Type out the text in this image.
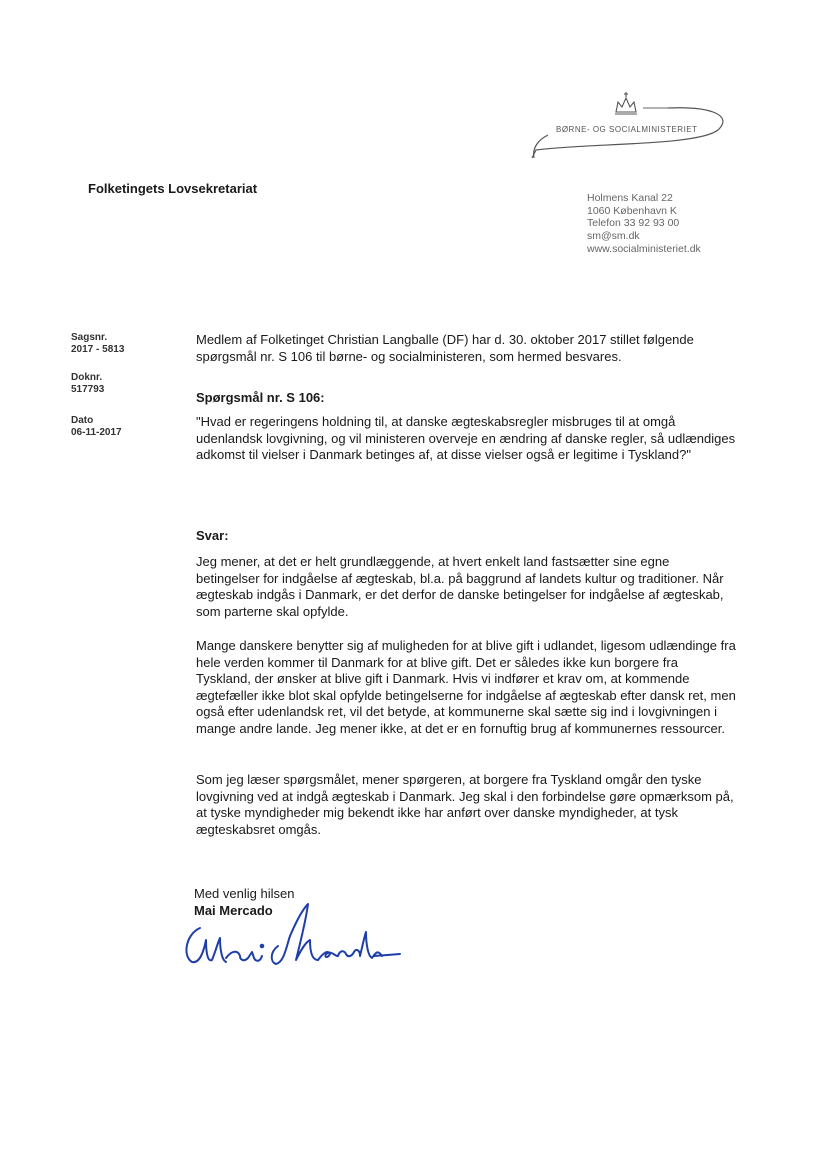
BØRNE- OG SOCIALMINISTERIET
Folketingets Lovsekretariat
Holmens Kanal 22
1060 København K
Telefon 33 92 93 00
sm@sm.dk
www.socialministeriet.dk
Sagsnr.
2017 - 5813
Doknr.
517793
Dato
06-11-2017
Medlem af Folketinget Christian Langballe (DF) har d. 30. oktober 2017 stillet følgende spørgsmål nr. S 106 til børne- og socialministeren, som hermed besvares.
Spørgsmål nr. S 106:
"Hvad er regeringens holdning til, at danske ægteskabsregler misbruges til at omgå udenlandsk lovgivning, og vil ministeren overveje en ændring af danske regler, så udlændiges adkomst til vielser i Danmark betinges af, at disse vielser også er legitime i Tyskland?"
Svar:
Jeg mener, at det er helt grundlæggende, at hvert enkelt land fastsætter sine egne betingelser for indgåelse af ægteskab, bl.a. på baggrund af landets kultur og traditioner. Når ægteskab indgås i Danmark, er det derfor de danske betingelser for indgåelse af ægteskab, som parterne skal opfylde.
Mange danskere benytter sig af muligheden for at blive gift i udlandet, ligesom udlændinge fra hele verden kommer til Danmark for at blive gift. Det er således ikke kun borgere fra Tyskland, der ønsker at blive gift i Danmark. Hvis vi indfører et krav om, at kommende ægtefæller ikke blot skal opfylde betingelserne for indgåelse af ægteskab efter dansk ret, men også efter udenlandsk ret, vil det betyde, at kommunerne skal sætte sig ind i lovgivningen i mange andre lande. Jeg mener ikke, at det er en fornuftig brug af kommunernes ressourcer.
Som jeg læser spørgsmålet, mener spørgeren, at borgere fra Tyskland omgår den tyske lovgivning ved at indgå ægteskab i Danmark. Jeg skal i den forbindelse gøre opmærksom på, at tyske myndigheder mig bekendt ikke har anført over danske myndigheder, at tysk ægteskabsret omgås.
Med venlig hilsen
Mai Mercado
